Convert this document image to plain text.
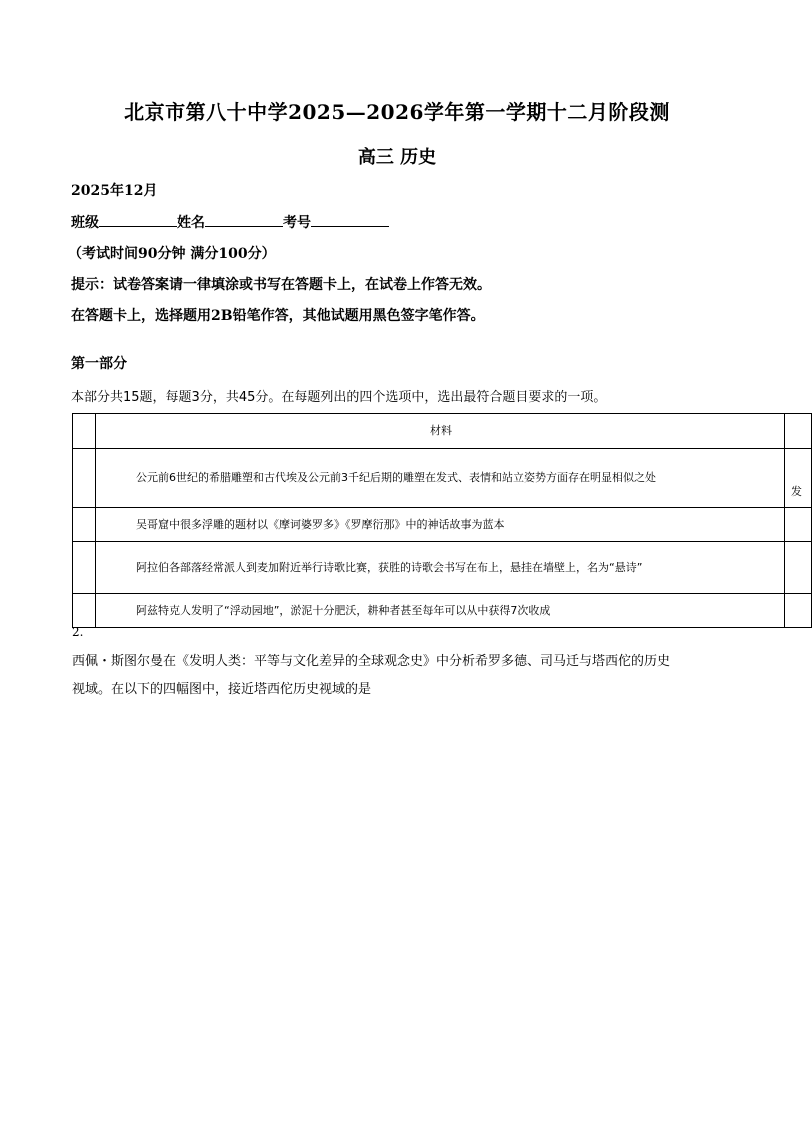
北京市第八十中学2025—2026学年第一学期十二月阶段测
高三 历史
2025年12月
班级	姓名	考号
（考试时间90分钟 满分100分）
提示：试卷答案请一律填涂或书写在答题卡上，在试卷上作答无效。
在答题卡上，选择题用2B铅笔作答，其他试题用黑色签字笔作答。
第一部分
本部分共15题，每题3分，共45分。在每题列出的四个选项中，选出最符合题目要求的一项。
	材料	

	公元前6世纪的希腊雕塑和古代埃及公元前3千纪后期的雕塑在发式、表情和站立姿势方面存在明显相似之处	发

	吴哥窟中很多浮雕的题材以《摩诃婆罗多》《罗摩衍那》中的神话故事为蓝本	

	阿拉伯各部落经常派人到麦加附近举行诗歌比赛，获胜的诗歌会书写在布上，悬挂在墙壁上，名为“悬诗”	

	阿兹特克人发明了“浮动园地”，淤泥十分肥沃，耕种者甚至每年可以从中获得7次收成	

2.
西佩・斯图尔曼在《发明人类：平等与文化差异的全球观念史》中分析希罗多德、司马迁与塔西佗的历史
视域。在以下的四幅图中，接近塔西佗历史视域的是
